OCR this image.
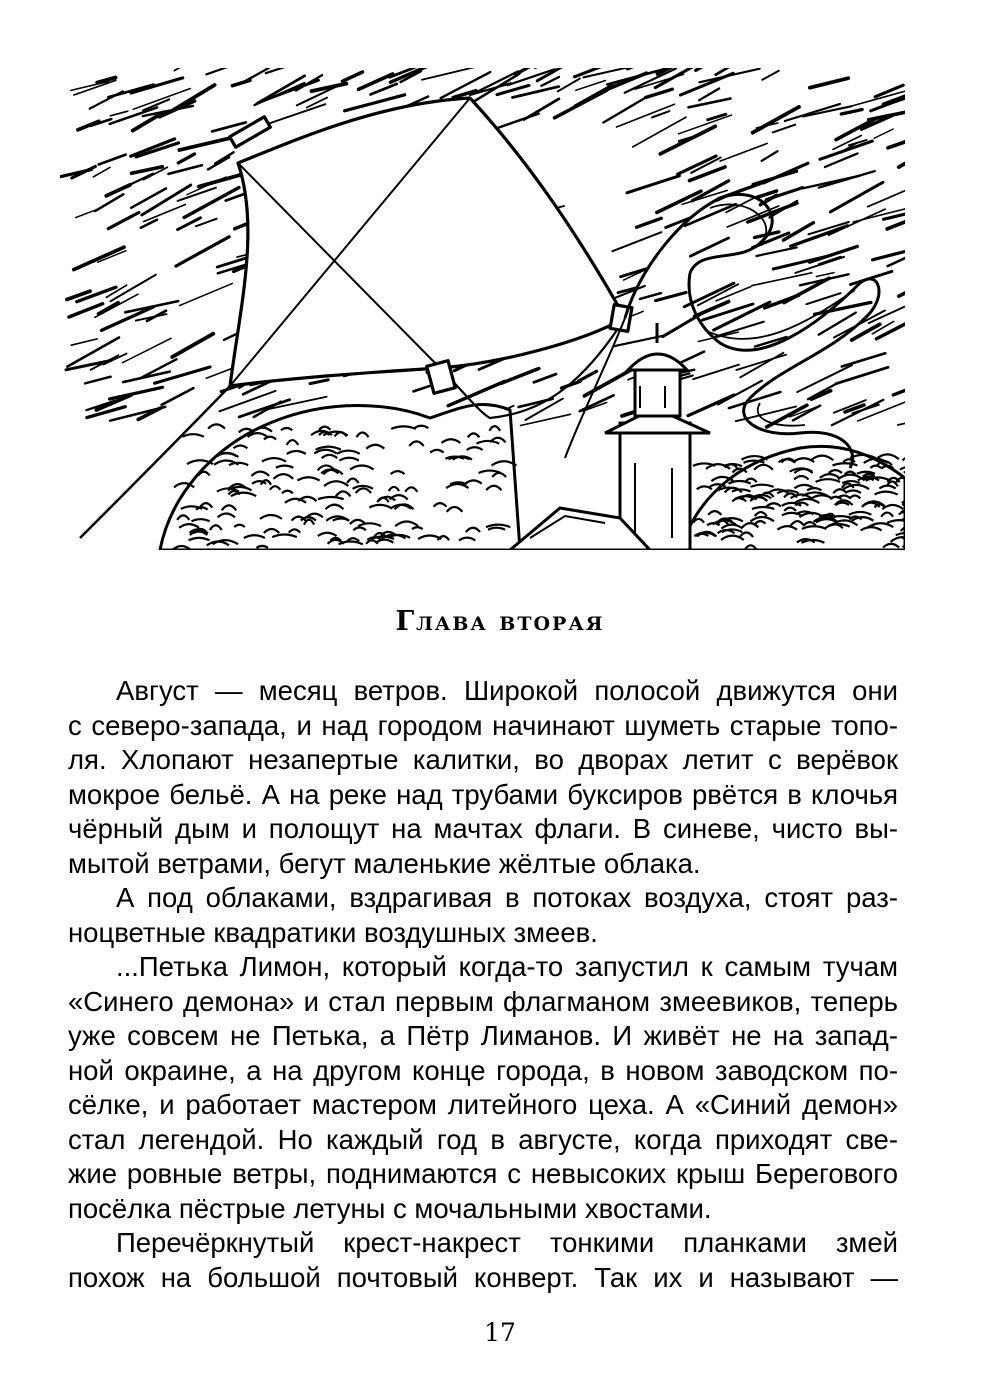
Глава вторая
Август — месяц ветров. Широкой полосой движутся они
с северо-запада, и над городом начинают шуметь старые топо-
ля. Хлопают незапертые калитки, во дворах летит с верёвок
мокрое бельё. А на реке над трубами буксиров рвётся в клочья
чёрный дым и полощут на мачтах флаги. В синеве, чисто вы-
мытой ветрами, бегут маленькие жёлтые облака.
А под облаками, вздрагивая в потоках воздуха, стоят раз-
ноцветные квадратики воздушных змеев.
...Петька Лимон, который когда-то запустил к самым тучам
«Синего демона» и стал первым флагманом змеевиков, теперь
уже совсем не Петька, а Пётр Лиманов. И живёт не на запад-
ной окраине, а на другом конце города, в новом заводском по-
сёлке, и работает мастером литейного цеха. А «Синий демон»
стал легендой. Но каждый год в августе, когда приходят све-
жие ровные ветры, поднимаются с невысоких крыш Берегового
посёлка пёстрые летуны с мочальными хвостами.
Перечёркнутый крест-накрест тонкими планками змей
похож на большой почтовый конверт. Так их и называют —
17
